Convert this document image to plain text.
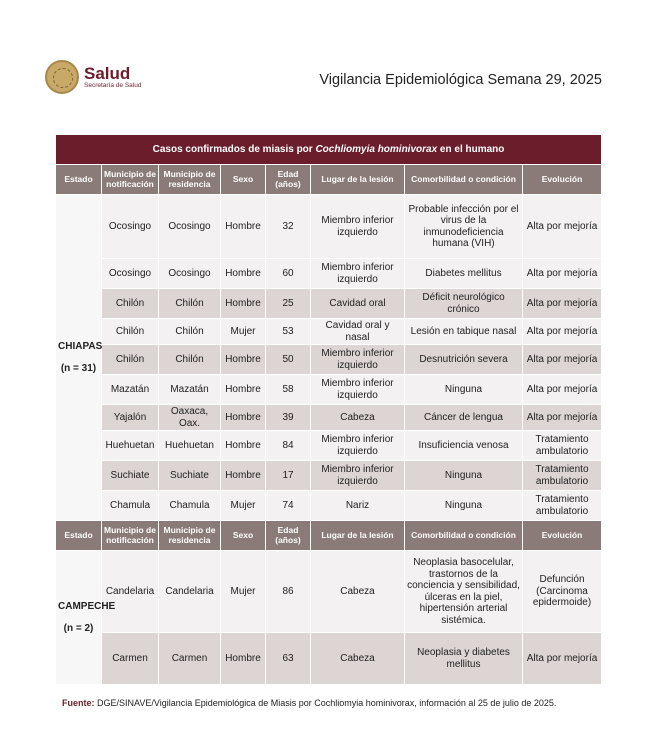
Salud
Secretaría de Salud	Vigilancia Epidemiológica Semana 29, 2025
Casos confirmados de miasis por Cochliomyia hominivorax en el humano							
Estado	Municipio de notificación	Municipio de residencia	Sexo	Edad (años)	Lugar de la lesión	Comorbilidad o condición	Evolución
CHIAPAS
(n = 31)	Ocosingo	Ocosingo	Hombre	32	Miembro inferior izquierdo	Probable infección por el virus de la inmunodeficiencia humana (VIH)	Alta por mejoría
	Ocosingo	Ocosingo	Hombre	60	Miembro inferior izquierdo	Diabetes mellitus	Alta por mejoría
	Chilón	Chilón	Hombre	25	Cavidad oral	Déficit neurológico crónico	Alta por mejoría
	Chilón	Chilón	Mujer	53	Cavidad oral y nasal	Lesión en tabique nasal	Alta por mejoría
	Chilón	Chilón	Hombre	50	Miembro inferior izquierdo	Desnutrición severa	Alta por mejoría
	Mazatán	Mazatán	Hombre	58	Miembro inferior izquierdo	Ninguna	Alta por mejoría
	Yajalón	Oaxaca, Oax.	Hombre	39	Cabeza	Cáncer de lengua	Alta por mejoría
	Huehuetan	Huehuetan	Hombre	84	Miembro inferior izquierdo	Insuficiencia venosa	Tratamiento ambulatorio
	Suchiate	Suchiate	Hombre	17	Miembro inferior izquierdo	Ninguna	Tratamiento ambulatorio
	Chamula	Chamula	Mujer	74	Nariz	Ninguna	Tratamiento ambulatorio
Estado	Municipio de notificación	Municipio de residencia	Sexo	Edad (años)	Lugar de la lesión	Comorbilidad o condición	Evolución
CAMPECHE
(n = 2)	Candelaria	Candelaria	Mujer	86	Cabeza	Neoplasia basocelular, trastornos de la conciencia y sensibilidad, úlceras en la piel, hipertensión arterial sistémica.	Defunción (Carcinoma epidermoide)
	Carmen	Carmen	Hombre	63	Cabeza	Neoplasia y diabetes mellitus	Alta por mejoría
Fuente: DGE/SINAVE/Vigilancia Epidemiológica de Miasis por Cochliomyia hominivorax, información al 25 de julio de 2025.
